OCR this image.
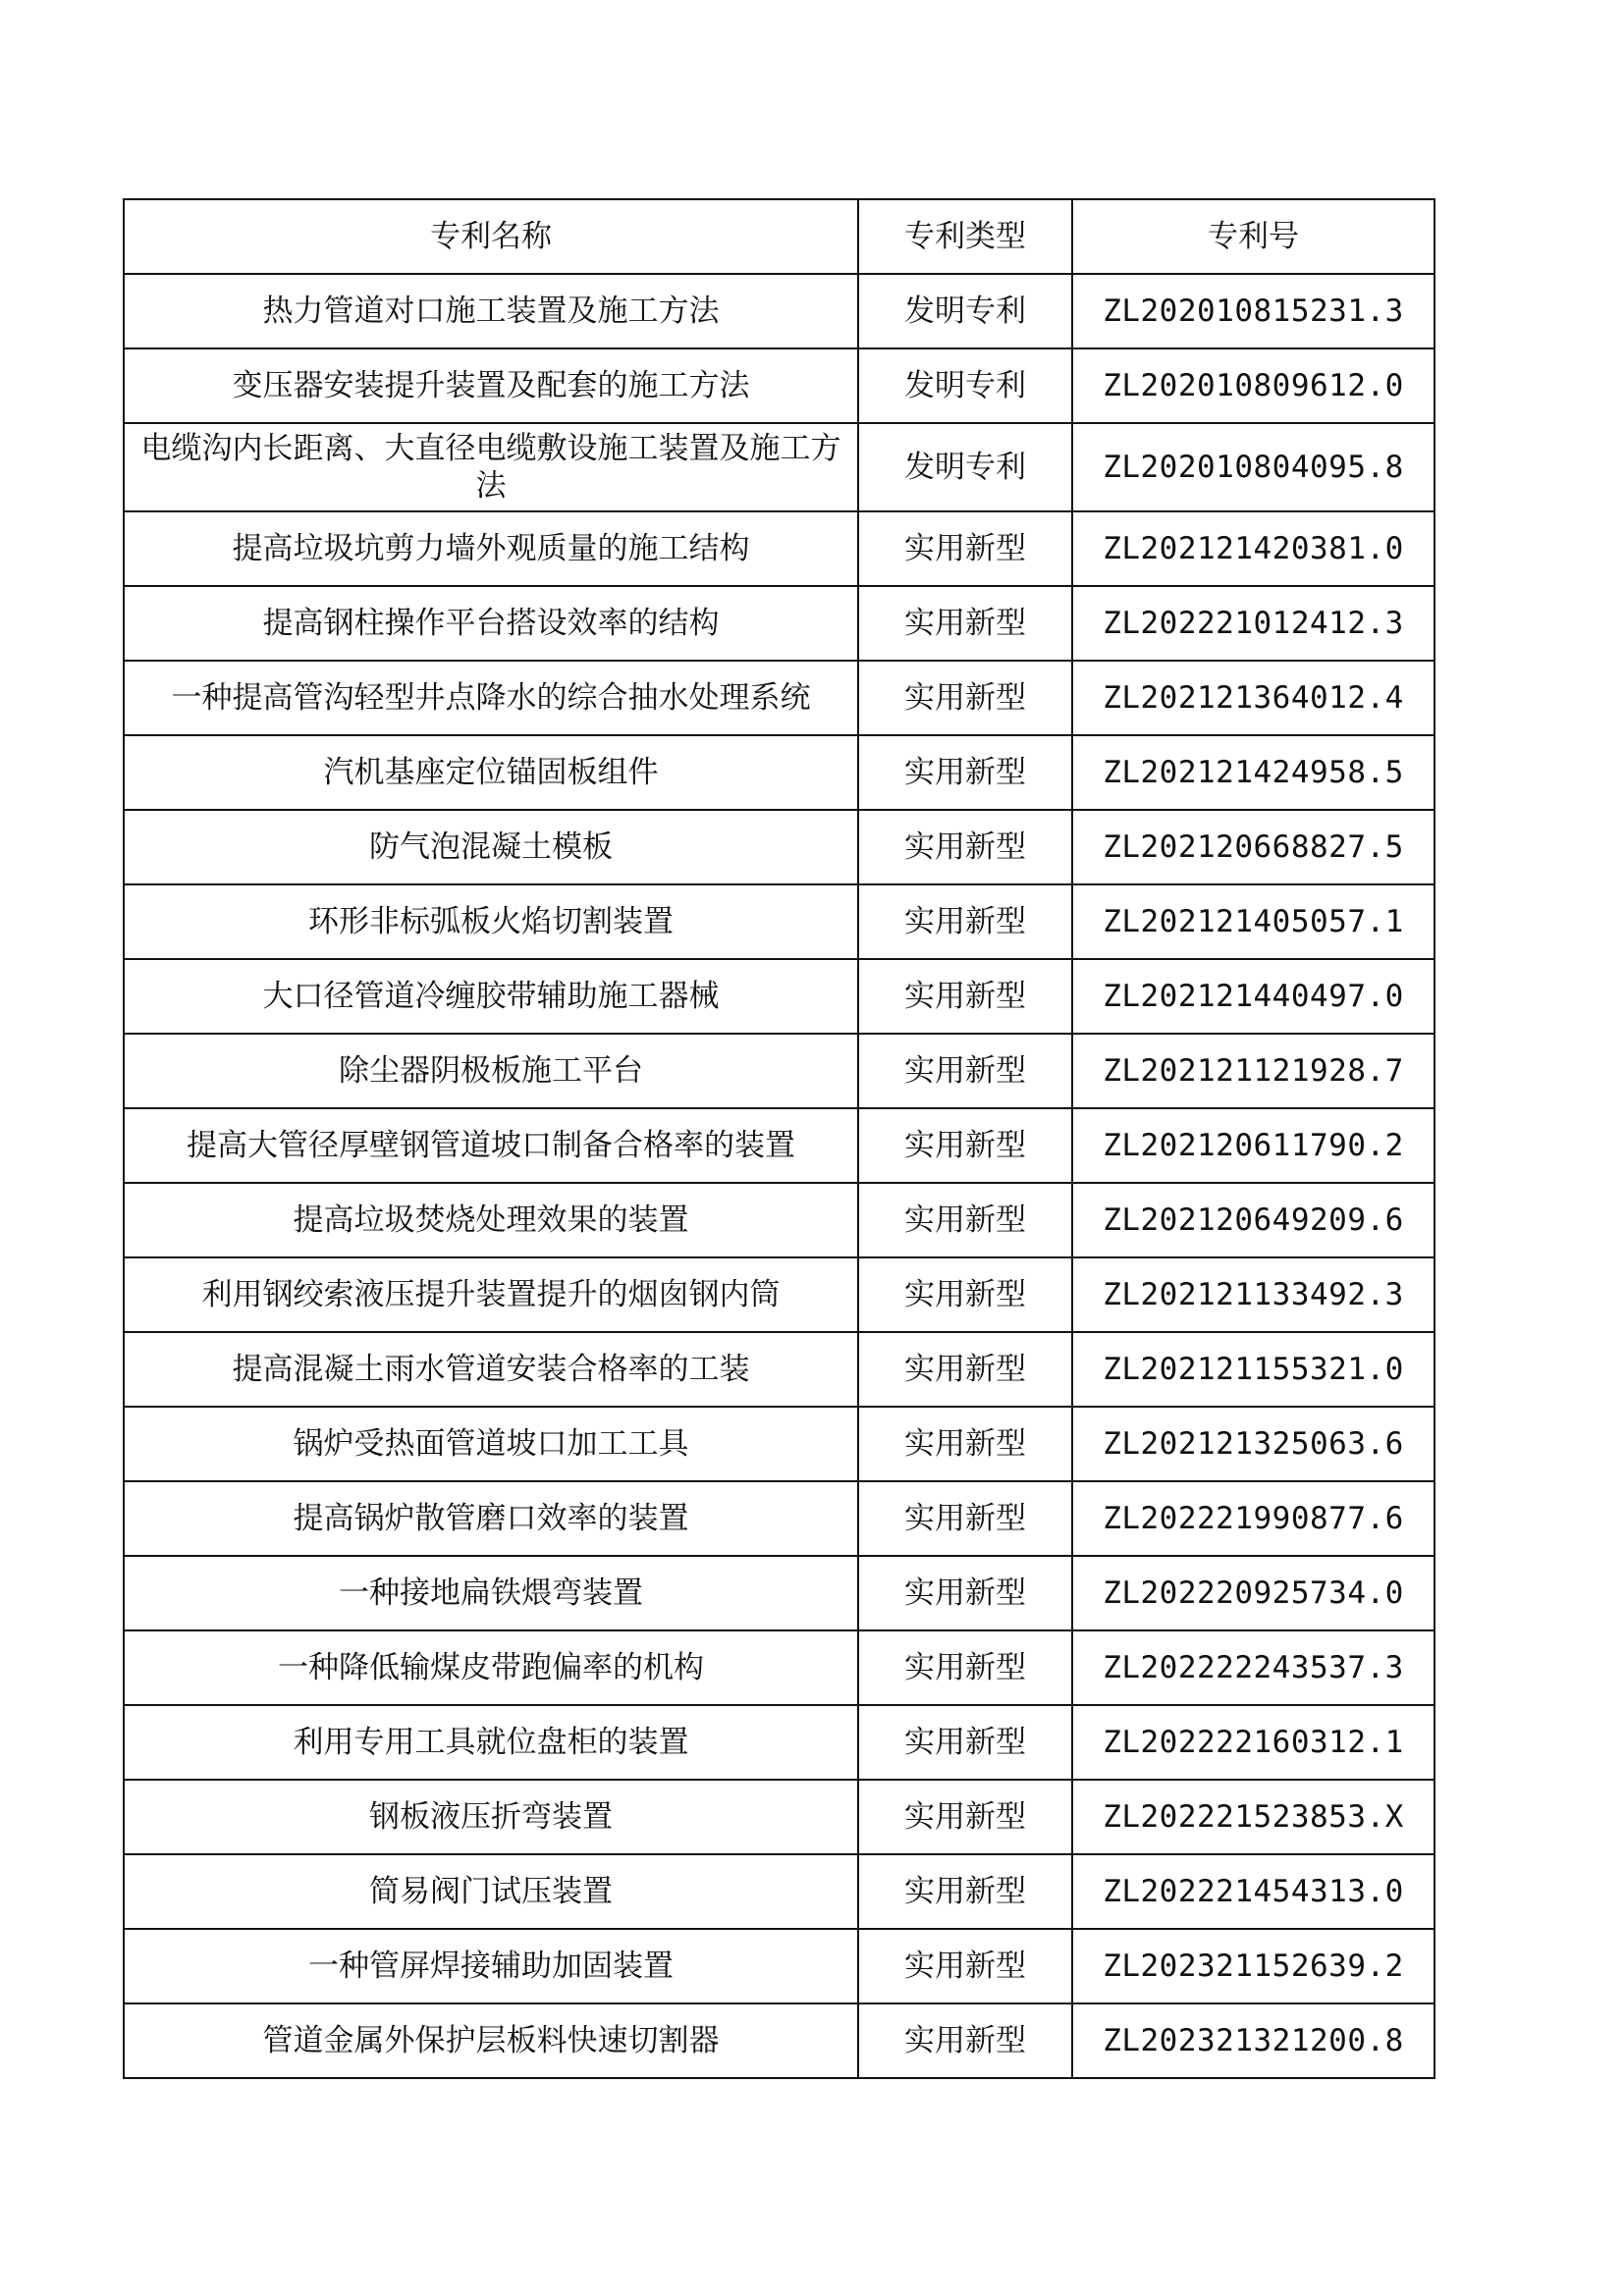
专利名称	专利类型	专利号
热力管道对口施工装置及施工方法	发明专利	ZL202010815231.3
变压器安装提升装置及配套的施工方法	发明专利	ZL202010809612.0
电缆沟内长距离、大直径电缆敷设施工装置及施工方法	发明专利	ZL202010804095.8
提高垃圾坑剪力墙外观质量的施工结构	实用新型	ZL202121420381.0
提高钢柱操作平台搭设效率的结构	实用新型	ZL202221012412.3
一种提高管沟轻型井点降水的综合抽水处理系统	实用新型	ZL202121364012.4
汽机基座定位锚固板组件	实用新型	ZL202121424958.5
防气泡混凝土模板	实用新型	ZL202120668827.5
环形非标弧板火焰切割装置	实用新型	ZL202121405057.1
大口径管道冷缠胶带辅助施工器械	实用新型	ZL202121440497.0
除尘器阴极板施工平台	实用新型	ZL202121121928.7
提高大管径厚壁钢管道坡口制备合格率的装置	实用新型	ZL202120611790.2
提高垃圾焚烧处理效果的装置	实用新型	ZL202120649209.6
利用钢绞索液压提升装置提升的烟囱钢内筒	实用新型	ZL202121133492.3
提高混凝土雨水管道安装合格率的工装	实用新型	ZL202121155321.0
锅炉受热面管道坡口加工工具	实用新型	ZL202121325063.6
提高锅炉散管磨口效率的装置	实用新型	ZL202221990877.6
一种接地扁铁煨弯装置	实用新型	ZL202220925734.0
一种降低输煤皮带跑偏率的机构	实用新型	ZL202222243537.3
利用专用工具就位盘柜的装置	实用新型	ZL202222160312.1
钢板液压折弯装置	实用新型	ZL202221523853.X
简易阀门试压装置	实用新型	ZL202221454313.0
一种管屏焊接辅助加固装置	实用新型	ZL202321152639.2
管道金属外保护层板料快速切割器	实用新型	ZL202321321200.8
